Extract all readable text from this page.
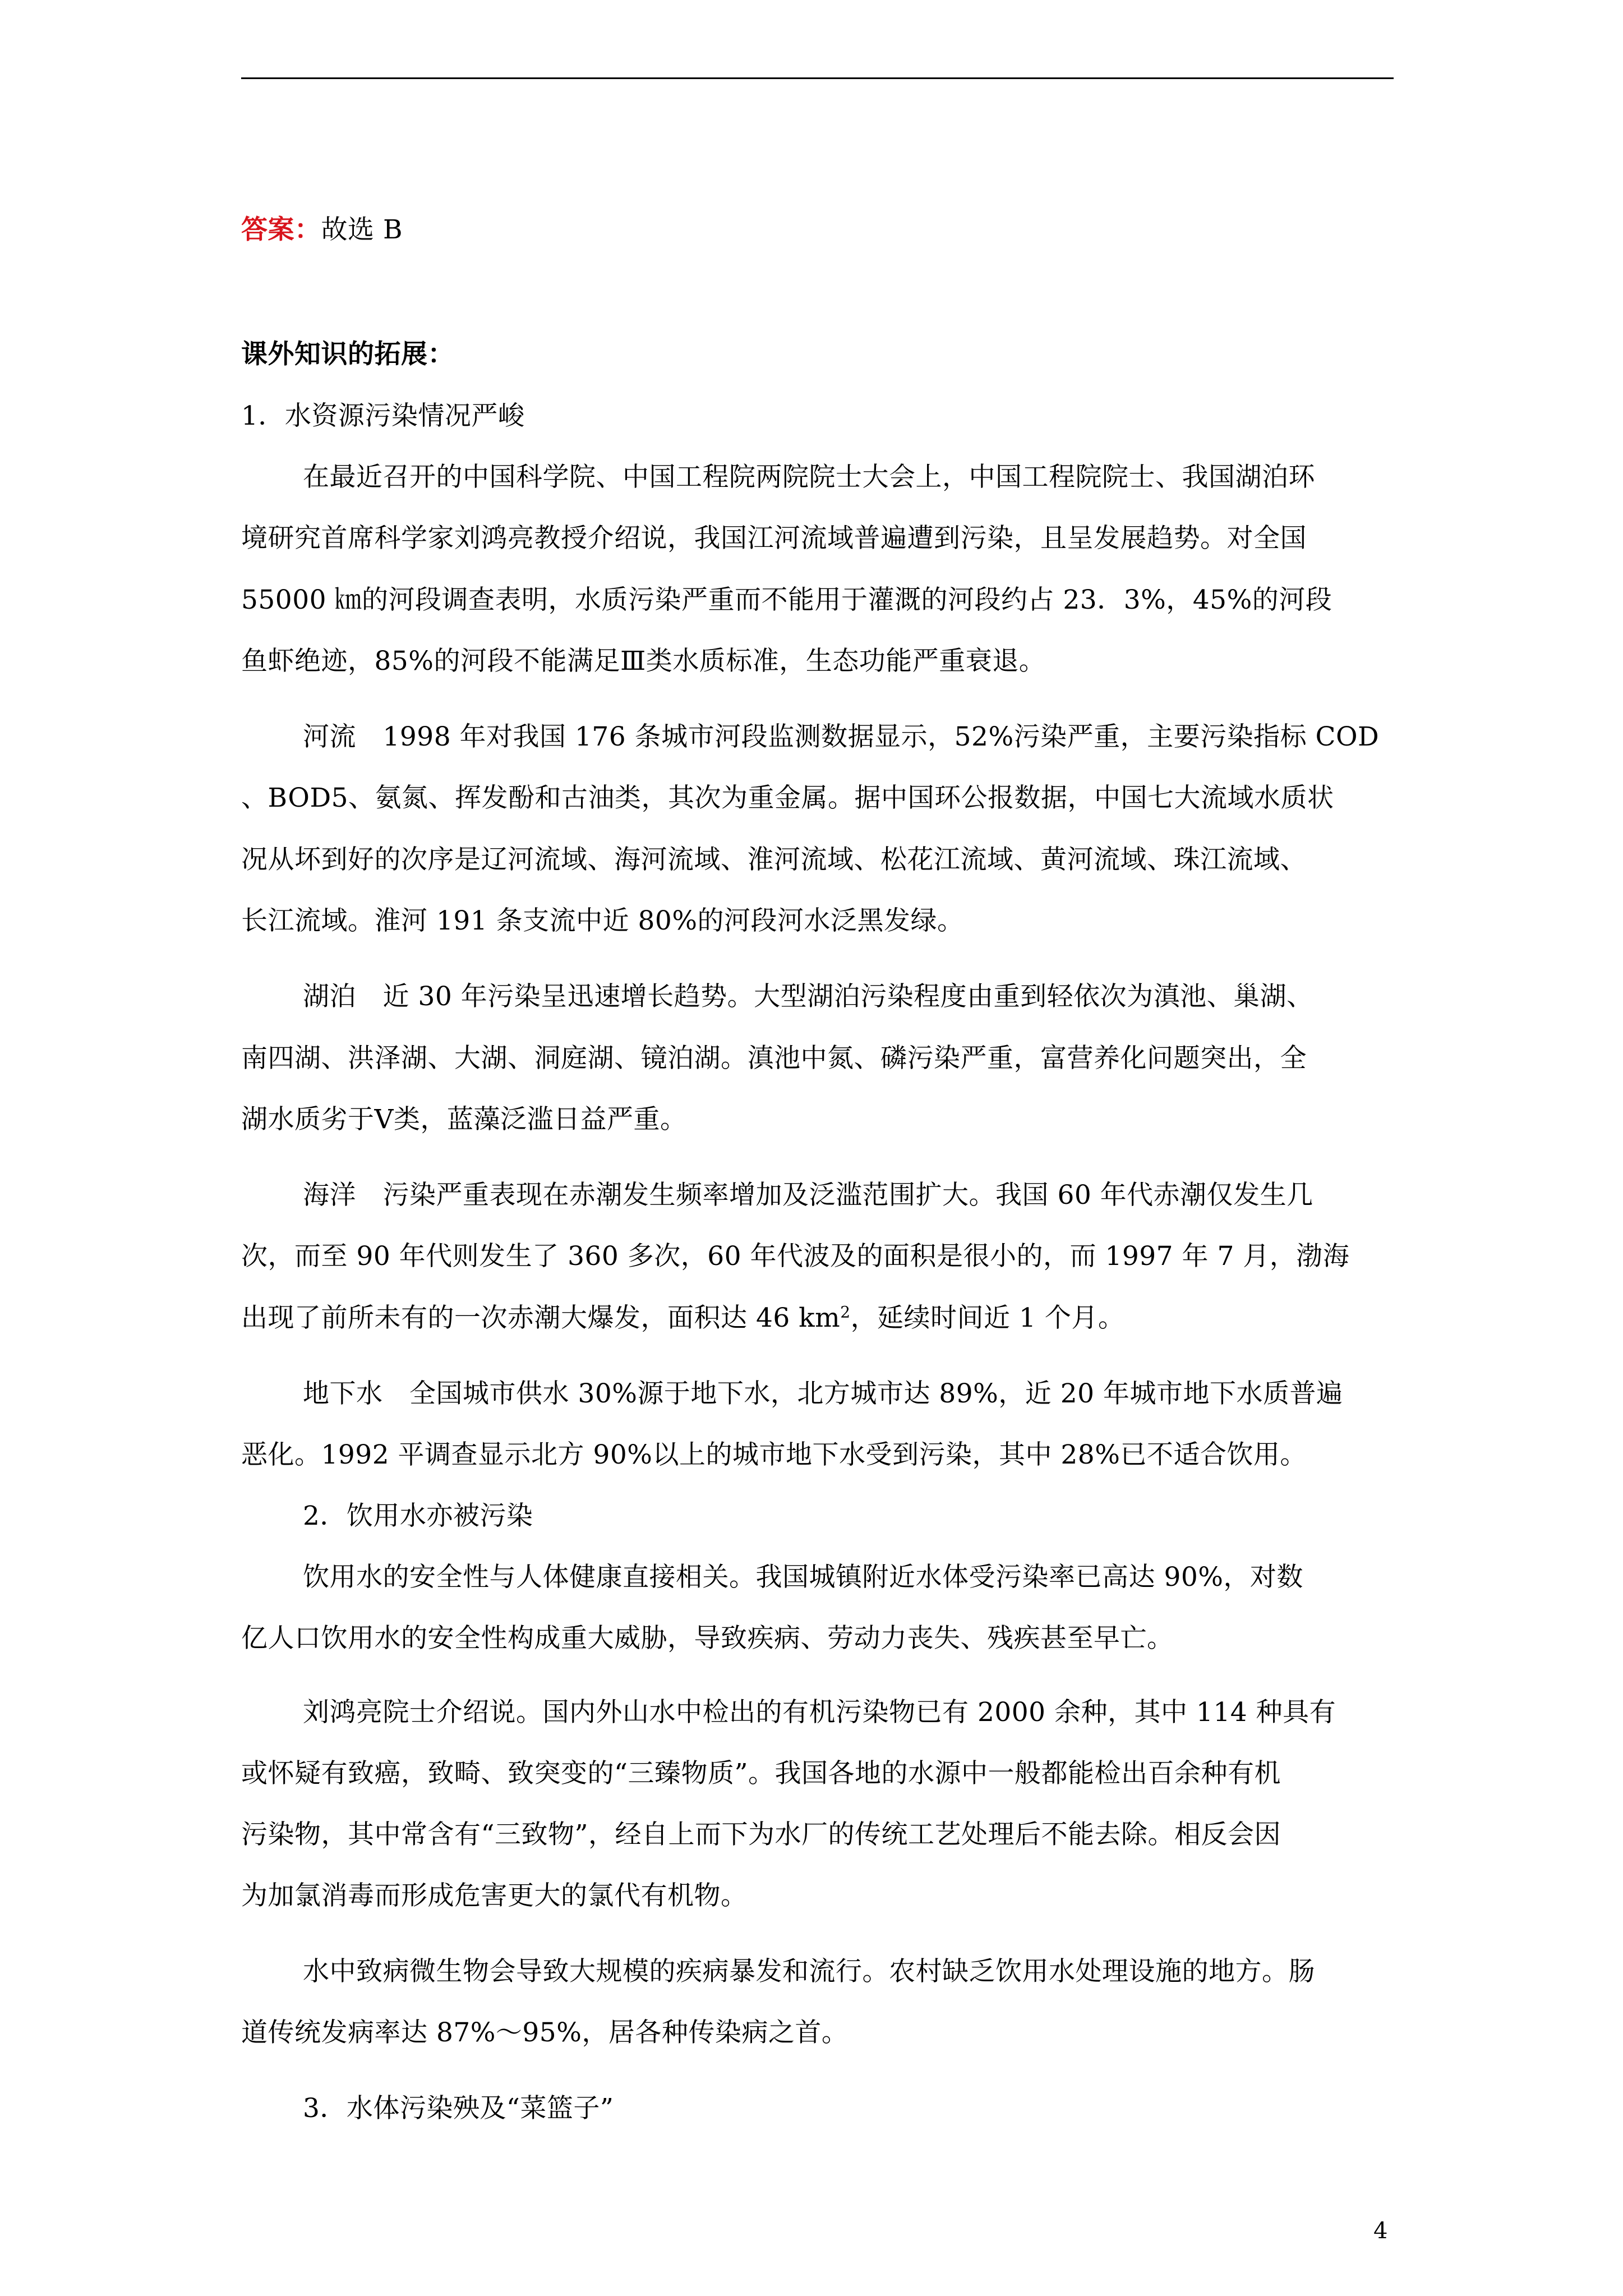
答案：故选 B
课外知识的拓展：
1．水资源污染情况严峻
在最近召开的中国科学院、中国工程院两院院士大会上，中国工程院院士、我国湖泊环
境研究首席科学家刘鸿亮教授介绍说，我国江河流域普遍遭到污染，且呈发展趋势。对全国
55000 ㎞的河段调查表明，水质污染严重而不能用于灌溉的河段约占 23．3%，45%的河段
鱼虾绝迹，85%的河段不能满足Ⅲ类水质标准，生态功能严重衰退。
河流　1998 年对我国 176 条城市河段监测数据显示，52%污染严重，主要污染指标 COD
、BOD5、氨氮、挥发酚和古油类，其次为重金属。据中国环公报数据，中国七大流域水质状
况从坏到好的次序是辽河流域、海河流域、淮河流域、松花江流域、黄河流域、珠江流域、
长江流域。淮河 191 条支流中近 80%的河段河水泛黑发绿。
湖泊　近 30 年污染呈迅速增长趋势。大型湖泊污染程度由重到轻依次为滇池、巢湖、
南四湖、洪泽湖、大湖、洞庭湖、镜泊湖。滇池中氮、磷污染严重，富营养化问题突出，全
湖水质劣于Ⅴ类，蓝藻泛滥日益严重。
海洋　污染严重表现在赤潮发生频率增加及泛滥范围扩大。我国 60 年代赤潮仅发生几
次，而至 90 年代则发生了 360 多次，60 年代波及的面积是很小的，而 1997 年 7 月，渤海
出现了前所未有的一次赤潮大爆发，面积达 46 $km^2$，延续时间近 1 个月。
地下水　全国城市供水 30%源于地下水，北方城市达 89%，近 20 年城市地下水质普遍
恶化。1992 平调查显示北方 90%以上的城市地下水受到污染，其中 28%已不适合饮用。
2．饮用水亦被污染
饮用水的安全性与人体健康直接相关。我国城镇附近水体受污染率已高达 90%，对数
亿人口饮用水的安全性构成重大威胁，导致疾病、劳动力丧失、残疾甚至早亡。
刘鸿亮院士介绍说。国内外山水中检出的有机污染物已有 2000 余种，其中 114 种具有
或怀疑有致癌，致畸、致突变的“三臻物质”。我国各地的水源中一般都能检出百余种有机
污染物，其中常含有“三致物”，经自上而下为水厂的传统工艺处理后不能去除。相反会因
为加氯消毒而形成危害更大的氯代有机物。
水中致病微生物会导致大规模的疾病暴发和流行。农村缺乏饮用水处理设施的地方。肠
道传统发病率达 87%～95%，居各种传染病之首。
3．水体污染殃及“菜篮子”
4
